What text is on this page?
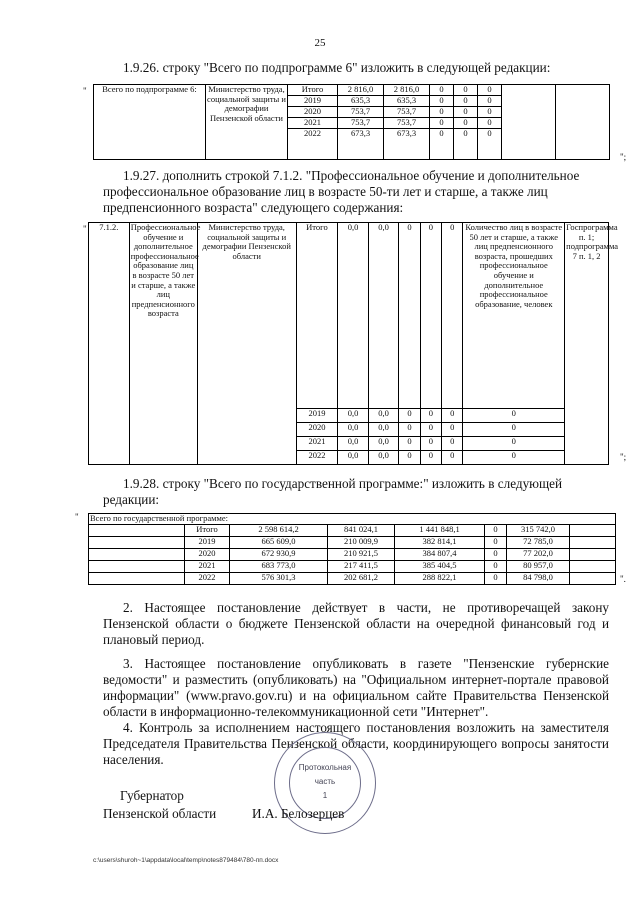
25
1.9.26. строку "Всего по подпрограмме 6" изложить в следующей редакции:
" Всего по подпрограмме 6:	Министерство труда, социальной защиты и демографии Пензенской области	Итого	2 816,0	2 816,0	0	0	0		
		2019	635,3	635,3	0	0	0		
		2020	753,7	753,7	0	0	0		
		2021	753,7	753,7	0	0	0		
		2022	673,3	673,3	0	0	0		
";
1.9.27. дополнить строкой 7.1.2. "Профессиональное обучение и дополнительное профессиональное образование лиц в возрасте 50-ти лет и старше, а также лиц предпенсионного возраста" следующего содержания:
" 7.1.2.	Профессиональное обучение и дополнительное профессиональное образование лиц в возрасте 50 лет и старше, а также лиц предпенсионного возраста	Министерство труда, социальной защиты и демографии Пензенской области	Итого	0,0	0,0	0	0	0	Количество лиц в возрасте 50 лет и старше, а также лиц предпенсионного возраста, прошедших профессиональное обучение и дополнительное профессиональное образование, человек	Госпрограмма п. 1; подпрограмма 7 п. 1, 2
			2019	0,0	0,0	0	0	0	0	
			2020	0,0	0,0	0	0	0	0	
			2021	0,0	0,0	0	0	0	0	
			2022	0,0	0,0	0	0	0	0		";
1.9.28. строку "Всего по государственной программе:" изложить в следующей редакции:
" Всего по государственной программе:							
	Итого	2 598 614,2	841 024,1	1 441 848,1	0	315 742,0	
	2019	665 609,0	210 009,9	382 814,1	0	72 785,0	
	2020	672 930,9	210 921,5	384 807,4	0	77 202,0	
	2021	683 773,0	217 411,5	385 404,5	0	80 957,0	
	2022	576 301,3	202 681,2	288 822,1	0	84 798,0		".
2. Настоящее постановление действует в части, не противоречащей закону Пензенской области о бюджете Пензенской области на очередной финансовый год и плановый период.
3. Настоящее постановление опубликовать в газете "Пензенские губернские ведомости" и разместить (опубликовать) на "Официальном интернет-портале правовой информации" (www.pravo.gov.ru) и на официальном сайте Правительства Пензенской области в информационно-телекоммуникационной сети "Интернет".
4. Контроль за исполнением настоящего постановления возложить на заместителя Председателя Правительства Пензенской области, координирующего вопросы занятости населения.
Протокольная
часть
1
Губернатор
Пензенской области	И.А. Белозерцев
c:\users\shuroh~1\appdata\local\temp\notes879484\780-пп.docx
